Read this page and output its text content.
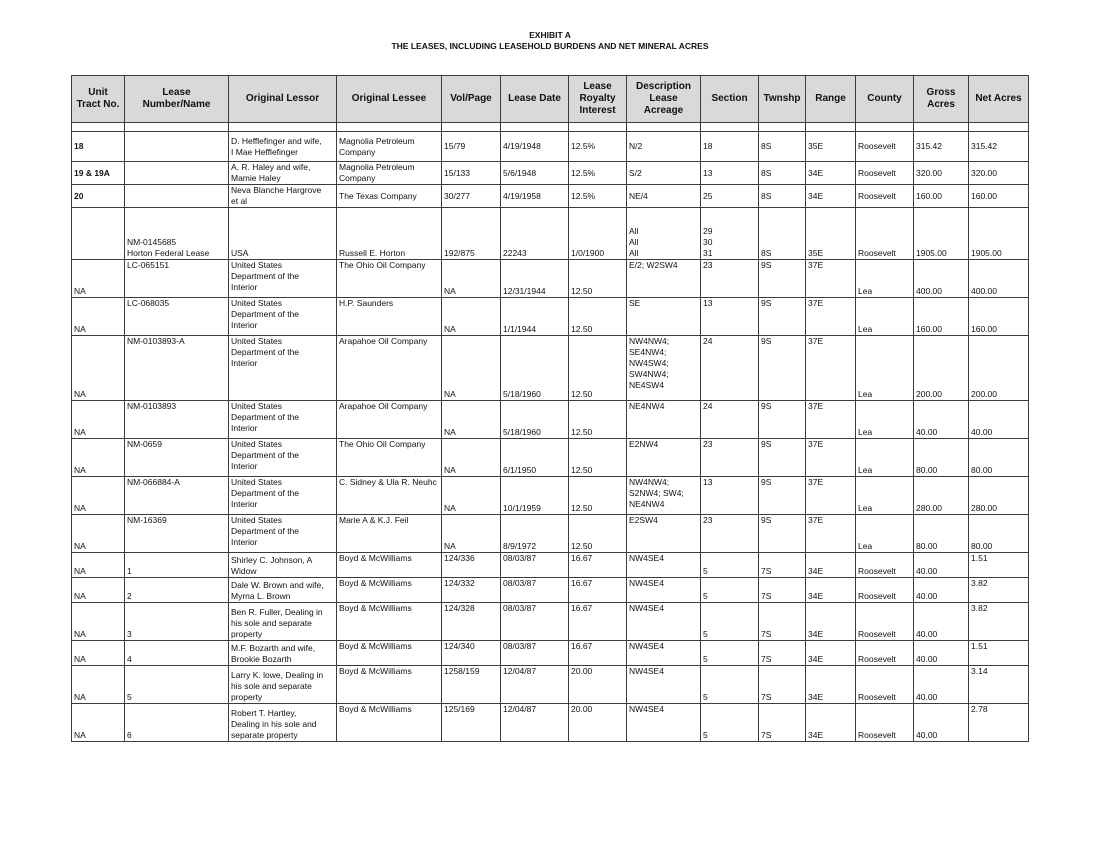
EXHIBIT A
THE LEASES, INCLUDING LEASEHOLD BURDENS AND NET MINERAL ACRES
Unit
Tract No.	Lease
Number/Name	Original Lessor	Original Lessee	Vol/Page	Lease Date	Lease
Royalty
Interest	Description
Lease Acreage	Section	Twnshp	Range	County	Gross
Acres	Net Acres

18		D. Hefflefinger and wife,
I Mae Hefflefinger	Magnolia Petroleum
Company	15/79	4/19/1948	12.5%	N/2	18	8S	35E	Roosevelt	315.42	315.42
19 & 19A		A. R. Haley and wife,
Mamie Haley	Magnolia Petroleum
Company	15/133	5/6/1948	12.5%	S/2	13	8S	34E	Roosevelt	320.00	320.00
20		Neva Blanche Hargrove
et al	The Texas Company	30/277	4/19/1958	12.5%	NE/4	25	8S	34E	Roosevelt	160.00	160.00
	NM-0145685
Horton Federal Lease	USA	Russell E. Horton	192/875	22243	1/0/1900	All
All
All	29
30
31	8S	35E	Roosevelt	1905.00	1905.00
NA	LC-065151	United States
Department of the
Interior	The Ohio Oil Company	NA	12/31/1944	12.50	E/2; W2SW4	23	9S	37E	Lea	400.00	400.00
NA	LC-068035	United States
Department of the
Interior	H.P. Saunders	NA	1/1/1944	12.50	SE	13	9S	37E	Lea	160.00	160.00
NA	NM-0103893-A	United States
Department of the
Interior	Arapahoe Oil Company	NA	5/18/1960	12.50	NW4NW4;
SE4NW4;
NW4SW4;
SW4NW4;
NE4SW4	24	9S	37E	Lea	200.00	200.00
NA	NM-0103893	United States
Department of the
Interior	Arapahoe Oil Company	NA	5/18/1960	12.50	NE4NW4	24	9S	37E	Lea	40.00	40.00
NA	NM-0659	United States
Department of the
Interior	The Ohio Oil Company	NA	6/1/1950	12.50	E2NW4	23	9S	37E	Lea	80.00	80.00
NA	NM-066884-A	United States
Department of the
Interior	C. Sidney & Ula R. Neuhc	NA	10/1/1959	12.50	NW4NW4;
S2NW4; SW4;
NE4NW4	13	9S	37E	Lea	280.00	280.00
NA	NM-16369	United States
Department of the
Interior	Marie A & K.J. Feil	NA	8/9/1972	12.50	E2SW4	23	9S	37E	Lea	80.00	80.00
NA	1	Shirley C. Johnson, A
Widow	Boyd & McWilliams	124/336	08/03/87	16.67	NW4SE4	5	7S	34E	Roosevelt	40.00	1.51
NA	2	Dale W. Brown and wife,
Myrna L. Brown	Boyd & McWilliams	124/332	08/03/87	16.67	NW4SE4	5	7S	34E	Roosevelt	40.00	3.82
NA	3	Ben R. Fuller, Dealing in
his sole and separate
property	Boyd & McWilliams	124/328	08/03/87	16.67	NW4SE4	5	7S	34E	Roosevelt	40.00	3.82
NA	4	M.F. Bozarth and wife,
Brookie Bozarth	Boyd & McWilliams	124/340	08/03/87	16.67	NW4SE4	5	7S	34E	Roosevelt	40.00	1.51
NA	5	Larry K. lowe, Dealing in
his sole and separate
property	Boyd & McWilliams	1258/159	12/04/87	20.00	NW4SE4	5	7S	34E	Roosevelt	40.00	3.14
NA	6	Robert T. Hartley,
Dealing in his sole and
separate property	Boyd & McWilliams	125/169	12/04/87	20.00	NW4SE4	5	7S	34E	Roosevelt	40.00	2.78
